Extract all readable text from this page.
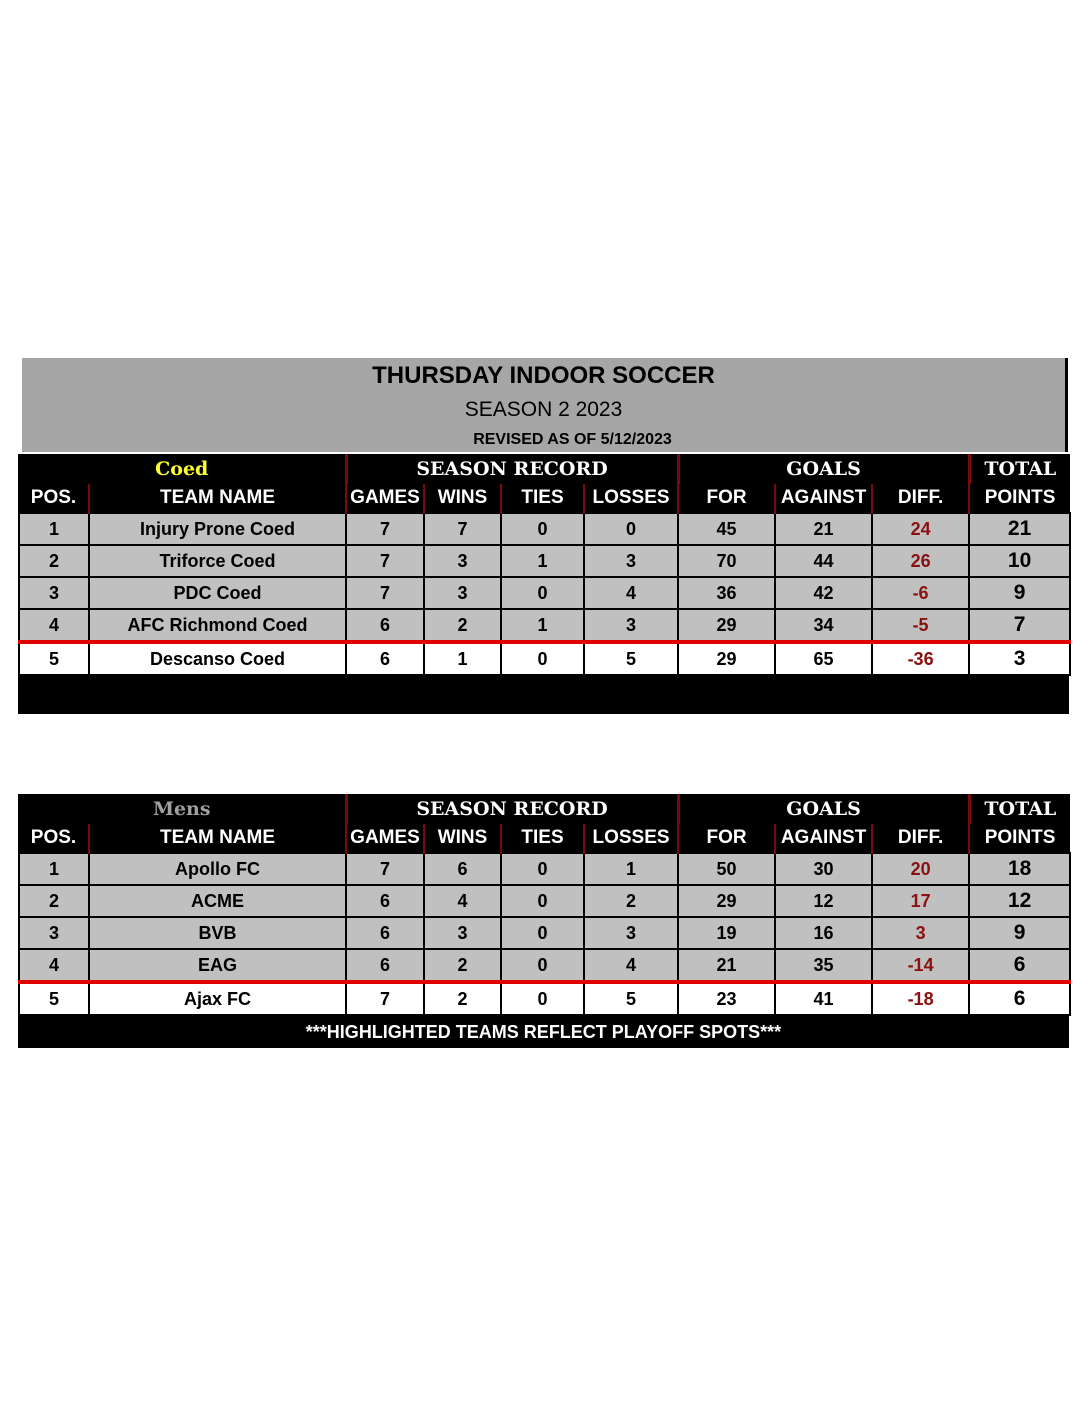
THURSDAY INDOOR SOCCER
SEASON 2 2023
REVISED AS OF 5/12/2023
Coed		SEASON RECORD				GOALS			TOTAL
POS.	TEAM NAME	GAMES	WINS	TIES	LOSSES	FOR	AGAINST	DIFF.	POINTS
1	Injury Prone Coed	7	7	0	0	45	21	24	21
2	Triforce Coed	7	3	1	3	70	44	26	10
3	PDC Coed	7	3	0	4	36	42	-6	9
4	AFC Richmond Coed	6	2	1	3	29	34	-5	7
5	Descanso Coed	6	1	0	5	29	65	-36	3
Mens		SEASON RECORD				GOALS			TOTAL
POS.	TEAM NAME	GAMES	WINS	TIES	LOSSES	FOR	AGAINST	DIFF.	POINTS
1	Apollo FC	7	6	0	1	50	30	20	18
2	ACME	6	4	0	2	29	12	17	12
3	BVB	6	3	0	3	19	16	3	9
4	EAG	6	2	0	4	21	35	-14	6
5	Ajax FC	7	2	0	5	23	41	-18	6
***HIGHLIGHTED TEAMS REFLECT PLAYOFF SPOTS***
